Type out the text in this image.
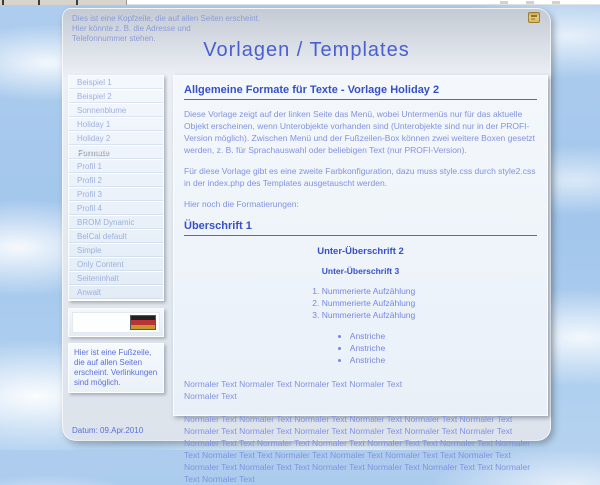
Dies ist eine Kopfzeile, die auf allen Seiten erscheint.
Hier könnte z. B. die Adresse und
Telefonnummer stehen.
Vorlagen / Templates
Beispiel 1
Beispiel 2
Sonnenblume
Holiday 1
Holiday 2
Formate
Profil 1
Profil 2
Profil 3
Profil 4
BROM Dynamic
BelCal default
Simple
Only Content
Seiteninhalt
Anwalt
Hier ist eine Fußzeile, die auf allen Seiten erscheint. Verlinkungen sind möglich.
Allgemeine Formate für Texte - Vorlage Holiday 2
Diese Vorlage zeigt auf der linken Seite das Menü, wobei Untermenüs nur für das aktuelle Objekt erscheinen, wenn Unterobjekte vorhanden sind (Unterobjekte sind nur in der PROFI-Version möglich). Zwischen Menü und der Fußzeilen-Box können zwei weitere Boxen gesetzt werden, z. B. für Sprachauswahl oder beliebigen Text (nur PROFI-Version).
Für diese Vorlage gibt es eine zweite Farbkonfiguration, dazu muss style.css durch style2.css in der index.php des Templates ausgetauscht werden.
Hier noch die Formatierungen:
Überschrift 1
Unter-Überschrift 2
Unter-Überschrift 3
1. Nummerierte Aufzählung
2. Nummerierte Aufzählung
3. Nummerierte Aufzählung
• Anstriche
• Anstriche
• Anstriche
Normaler Text Normaler Text Normaler Text Normaler Text
Normaler Text
Normaler Text Normaler Text Normaler Text Normaler Text Normaler Text Normaler Text Normaler Text Normaler Text Normaler Text Normaler Text Normaler Text Normaler Text Normaler Text Text Normaler Text Normaler Text Normaler Text Text Normaler Text Normaler Text Normaler Text Text Normaler Text Normaler Text Normaler Text Text Normaler Text Normaler Text Normaler Text Text Normaler Text Normaler Text Normaler Text Text Normaler Text Normaler Text
Datum: 09.Apr.2010
